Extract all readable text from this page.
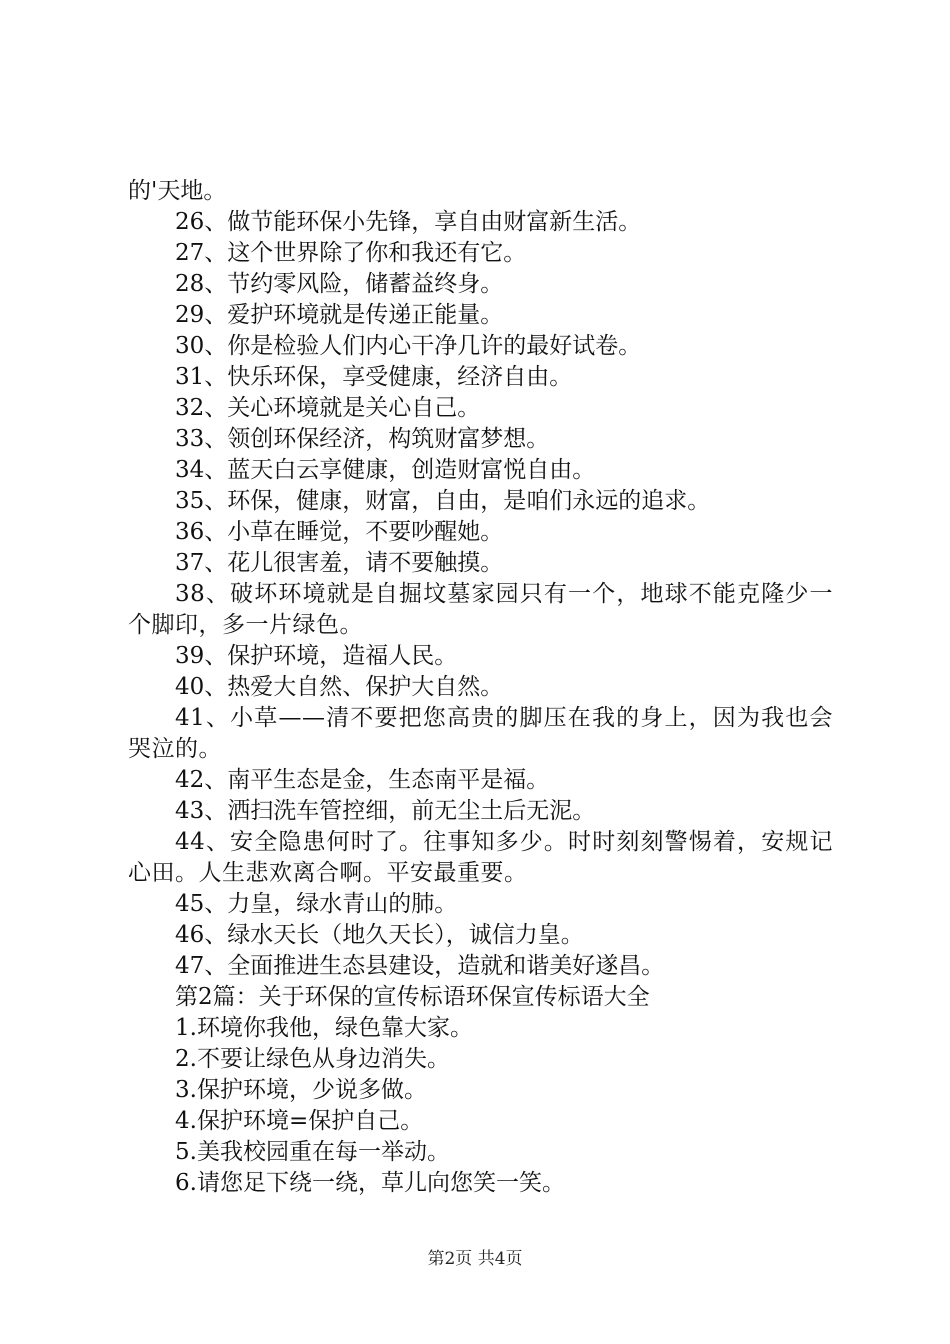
的'天地。
26、做节能环保小先锋，享自由财富新生活。
27、这个世界除了你和我还有它。
28、节约零风险，储蓄益终身。
29、爱护环境就是传递正能量。
30、你是检验人们内心干净几许的最好试卷。
31、快乐环保，享受健康，经济自由。
32、关心环境就是关心自己。
33、领创环保经济，构筑财富梦想。
34、蓝天白云享健康，创造财富悦自由。
35、环保，健康，财富，自由，是咱们永远的追求。
36、小草在睡觉，不要吵醒她。
37、花儿很害羞，请不要触摸。
38、破坏环境就是自掘坟墓家园只有一个，地球不能克隆少一个脚印，多一片绿色。
39、保护环境，造福人民。
40、热爱大自然、保护大自然。
41、小草——清不要把您高贵的脚压在我的身上，因为我也会哭泣的。
42、南平生态是金，生态南平是福。
43、洒扫洗车管控细，前无尘土后无泥。
44、安全隐患何时了。往事知多少。时时刻刻警惕着，安规记心田。人生悲欢离合啊。平安最重要。
45、力皇，绿水青山的肺。
46、绿水天长（地久天长），诚信力皇。
47、全面推进生态县建设，造就和谐美好遂昌。
第2篇：关于环保的宣传标语环保宣传标语大全
1.环境你我他，绿色靠大家。
2.不要让绿色从身边消失。
3.保护环境，少说多做。
4.保护环境=保护自己。
5.美我校园重在每一举动。
6.请您足下绕一绕，草儿向您笑一笑。
第2页 共4页
